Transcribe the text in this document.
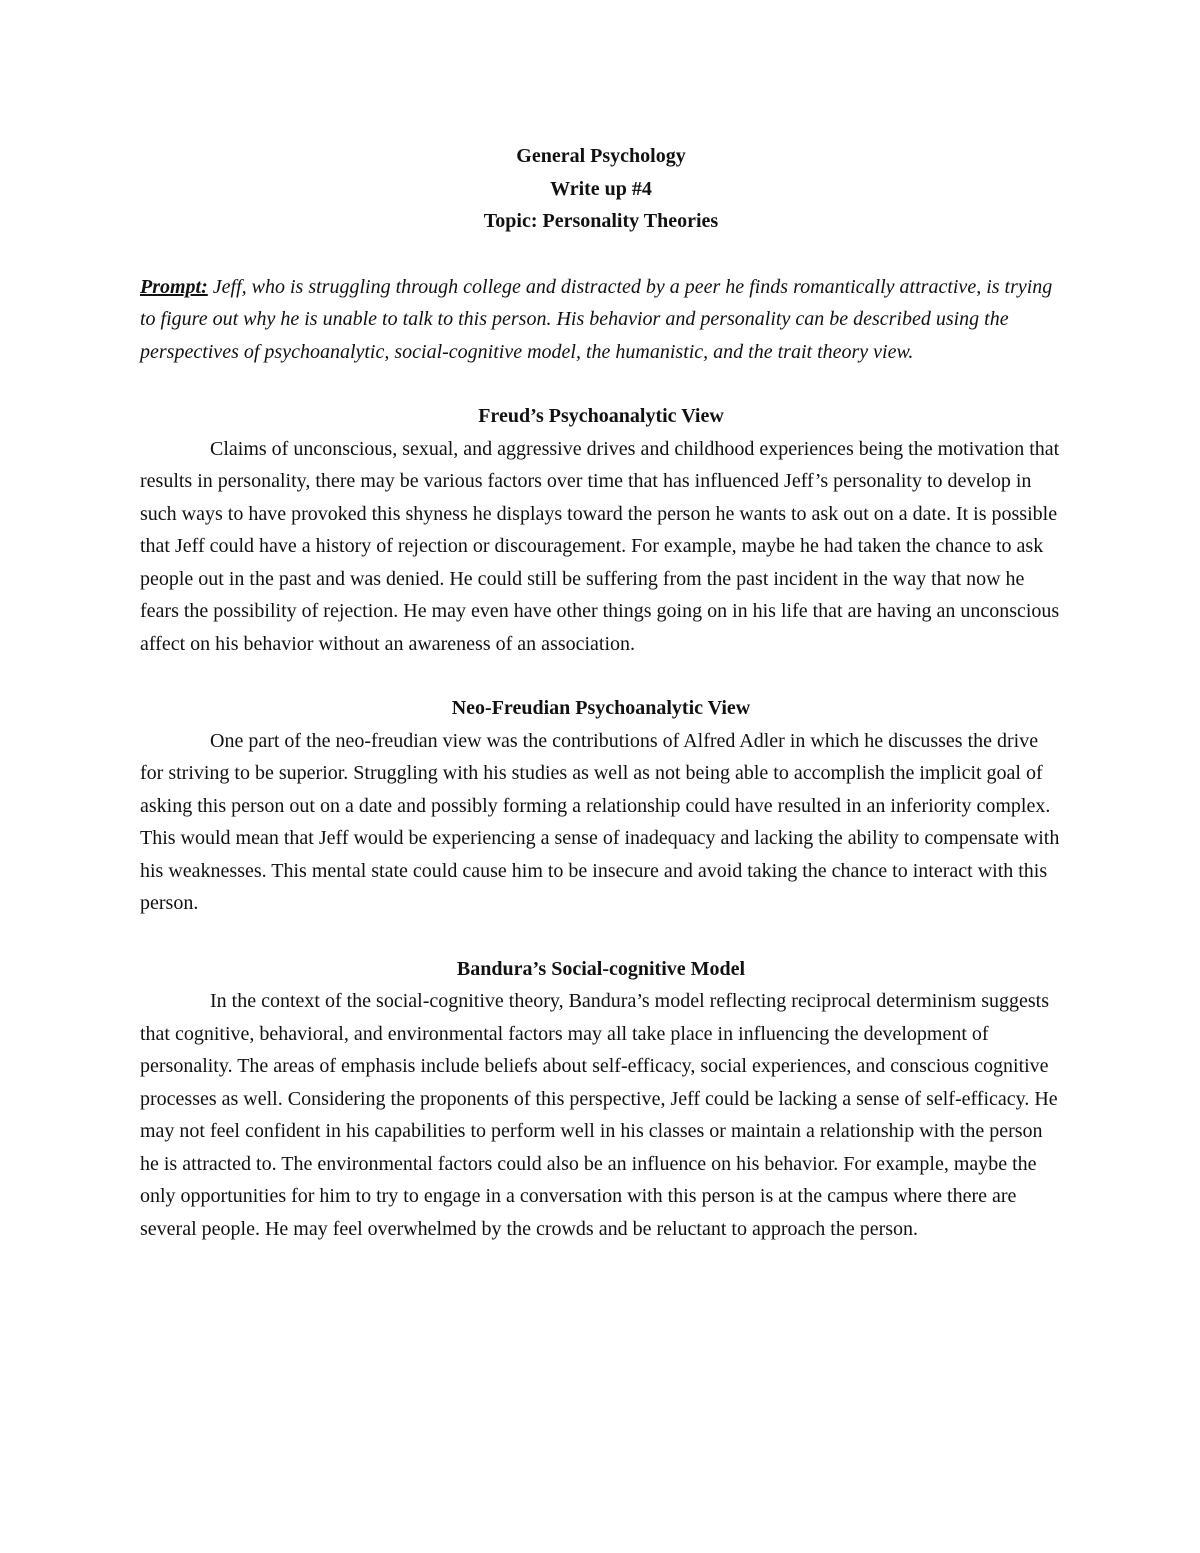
General Psychology
Write up #4
Topic: Personality Theories
Prompt: Jeff, who is struggling through college and distracted by a peer he finds romantically attractive, is trying to figure out why he is unable to talk to this person. His behavior and personality can be described using the perspectives of psychoanalytic, social-cognitive model, the humanistic, and the trait theory view.
Freud’s Psychoanalytic View
Claims of unconscious, sexual, and aggressive drives and childhood experiences being the motivation that results in personality, there may be various factors over time that has influenced Jeff’s personality to develop in such ways to have provoked this shyness he displays toward the person he wants to ask out on a date. It is possible that Jeff could have a history of rejection or discouragement. For example, maybe he had taken the chance to ask people out in the past and was denied. He could still be suffering from the past incident in the way that now he fears the possibility of rejection. He may even have other things going on in his life that are having an unconscious affect on his behavior without an awareness of an association.
Neo-Freudian Psychoanalytic View
One part of the neo-freudian view was the contributions of Alfred Adler in which he discusses the drive for striving to be superior. Struggling with his studies as well as not being able to accomplish the implicit goal of asking this person out on a date and possibly forming a relationship could have resulted in an inferiority complex. This would mean that Jeff would be experiencing a sense of inadequacy and lacking the ability to compensate with his weaknesses. This mental state could cause him to be insecure and avoid taking the chance to interact with this person.
Bandura’s Social-cognitive Model
In the context of the social-cognitive theory, Bandura’s model reflecting reciprocal determinism suggests that cognitive, behavioral, and environmental factors may all take place in influencing the development of personality. The areas of emphasis include beliefs about self-efficacy, social experiences, and conscious cognitive processes as well. Considering the proponents of this perspective, Jeff could be lacking a sense of self-efficacy. He may not feel confident in his capabilities to perform well in his classes or maintain a relationship with the person he is attracted to. The environmental factors could also be an influence on his behavior. For example, maybe the only opportunities for him to try to engage in a conversation with this person is at the campus where there are several people. He may feel overwhelmed by the crowds and be reluctant to approach the person.
